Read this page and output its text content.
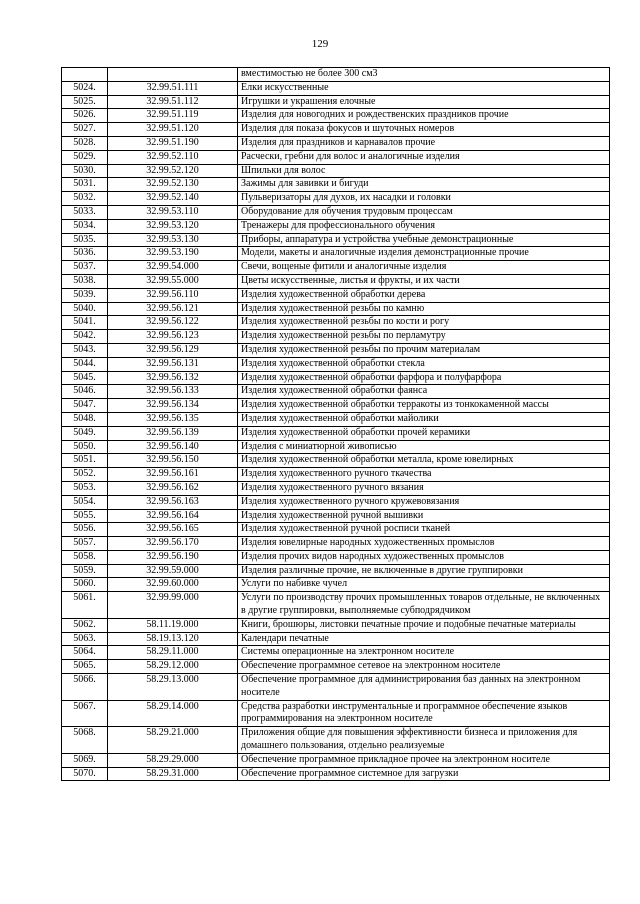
129
		вместимостью не более 300 см3
5024.	32.99.51.111	Елки искусственные
5025.	32.99.51.112	Игрушки и украшения елочные
5026.	32.99.51.119	Изделия для новогодних и рождественских праздников прочие
5027.	32.99.51.120	Изделия для показа фокусов и шуточных номеров
5028.	32.99.51.190	Изделия для праздников и карнавалов прочие
5029.	32.99.52.110	Расчески, гребни для волос и аналогичные изделия
5030.	32.99.52.120	Шпильки для волос
5031.	32.99.52.130	Зажимы для завивки и бигуди
5032.	32.99.52.140	Пульверизаторы для духов, их насадки и головки
5033.	32.99.53.110	Оборудование для обучения трудовым процессам
5034.	32.99.53.120	Тренажеры для профессионального обучения
5035.	32.99.53.130	Приборы, аппаратура и устройства учебные демонстрационные
5036.	32.99.53.190	Модели, макеты и аналогичные изделия демонстрационные прочие
5037.	32.99.54.000	Свечи, вощеные фитили и аналогичные изделия
5038.	32.99.55.000	Цветы искусственные, листья и фрукты, и их части
5039.	32.99.56.110	Изделия художественной обработки дерева
5040.	32.99.56.121	Изделия художественной резьбы по камню
5041.	32.99.56.122	Изделия художественной резьбы по кости и рогу
5042.	32.99.56.123	Изделия художественной резьбы по перламутру
5043.	32.99.56.129	Изделия художественной резьбы по прочим материалам
5044.	32.99.56.131	Изделия художественной обработки стекла
5045.	32.99.56.132	Изделия художественной обработки фарфора и полуфарфора
5046.	32.99.56.133	Изделия художественной обработки фаянса
5047.	32.99.56.134	Изделия художественной обработки терракоты из тонкокаменной массы
5048.	32.99.56.135	Изделия художественной обработки майолики
5049.	32.99.56.139	Изделия художественной обработки прочей керамики
5050.	32.99.56.140	Изделия с миниатюрной живописью
5051.	32.99.56.150	Изделия художественной обработки металла, кроме ювелирных
5052.	32.99.56.161	Изделия художественного ручного ткачества
5053.	32.99.56.162	Изделия художественного ручного вязания
5054.	32.99.56.163	Изделия художественного ручного кружевовязания
5055.	32.99.56.164	Изделия художественной ручной вышивки
5056.	32.99.56.165	Изделия художественной ручной росписи тканей
5057.	32.99.56.170	Изделия ювелирные народных художественных промыслов
5058.	32.99.56.190	Изделия прочих видов народных художественных промыслов
5059.	32.99.59.000	Изделия различные прочие, не включенные в другие группировки
5060.	32.99.60.000	Услуги по набивке чучел
5061.	32.99.99.000	Услуги по производству прочих промышленных товаров отдельные, не включенных в другие группировки, выполняемые субподрядчиком
5062.	58.11.19.000	Книги, брошюры, листовки печатные прочие и подобные печатные материалы
5063.	58.19.13.120	Календари печатные
5064.	58.29.11.000	Системы операционные на электронном носителе
5065.	58.29.12.000	Обеспечение программное сетевое на электронном носителе
5066.	58.29.13.000	Обеспечение программное для администрирования баз данных на электронном носителе
5067.	58.29.14.000	Средства разработки инструментальные и программное обеспечение языков программирования на электронном носителе
5068.	58.29.21.000	Приложения общие для повышения эффективности бизнеса и приложения для домашнего пользования, отдельно реализуемые
5069.	58.29.29.000	Обеспечение программное прикладное прочее на электронном носителе
5070.	58.29.31.000	Обеспечение программное системное для загрузки
